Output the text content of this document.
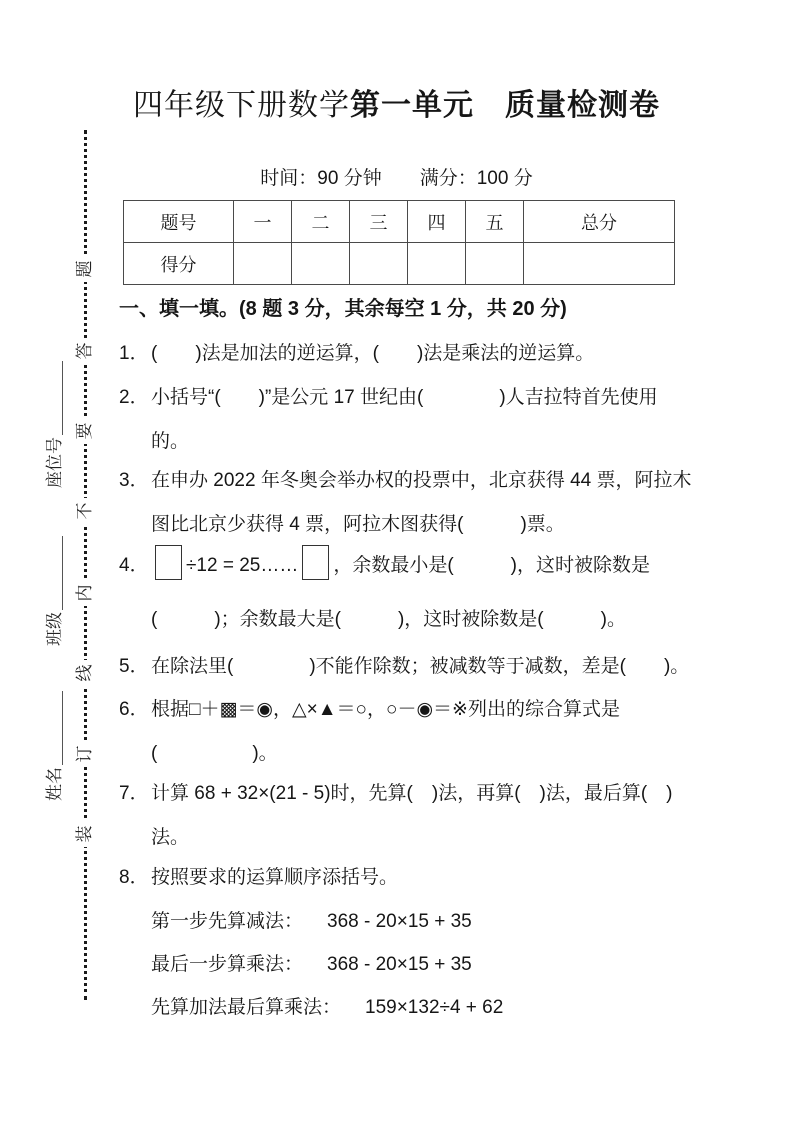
题
答
要
不
内
线
订
装
座位号
班级
姓名
四年级下册数学第一单元　质量检测卷
时间：90 分钟　　满分：100 分
题号	一	二	三	四	五	总分
得分						
一、填一填。(8 题 3 分，其余每空 1 分，共 20 分)
1． (　　)法是加法的逆运算，(　　)法是乘法的逆运算。
2． 小括号“(　　)”是公元 17 世纪由(　　　　)人吉拉特首先使用
的。
3． 在申办 2022 年冬奥会举办权的投票中，北京获得 44 票，阿拉木
图比北京少获得 4 票，阿拉木图获得(　　　)票。
4．	÷12 = 25…… ，余数最小是(　　　)，这时被除数是
(　　　)；余数最大是(　　　)，这时被除数是(　　　)。
5． 在除法里(　　　　)不能作除数；被减数等于减数，差是(　　)。
6． 根据□＋▩＝◉，△×▲＝○，○－◉＝※列出的综合算式是
(　　　　　)。
7． 计算 68 + 32×(21 - 5)时，先算(　)法，再算(　)法，最后算(　)
法。
8． 按照要求的运算顺序添括号。
第一步先算减法： 368 - 20×15 + 35
最后一步算乘法： 368 - 20×15 + 35
先算加法最后算乘法： 159×132÷4 + 62
